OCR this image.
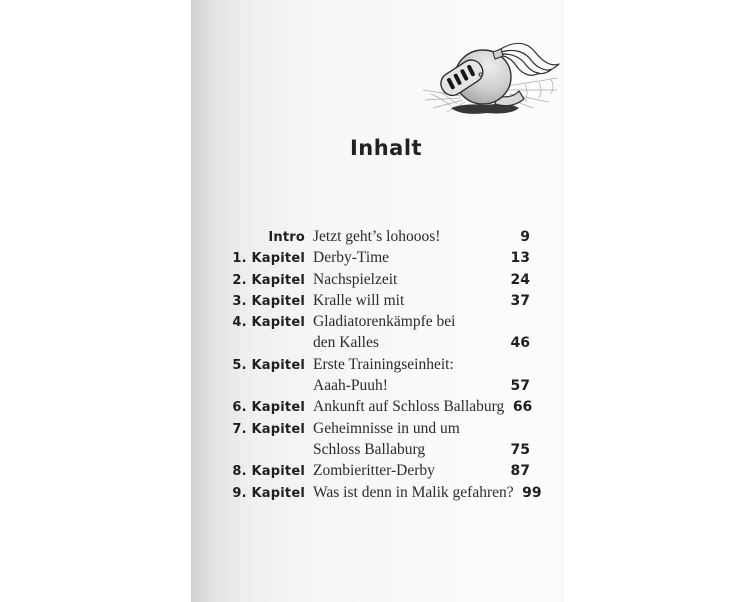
Inhalt
Intro Jetzt geht’s lohooos!	9
1. Kapitel Derby-Time	13
2. Kapitel Nachspielzeit	24
3. Kapitel Kralle will mit	37
4. Kapitel Gladiatorenkämpfe bei
den Kalles	46
5. Kapitel Erste Trainingseinheit:
Aaah-Puuh!	57
6. Kapitel Ankunft auf Schloss Ballaburg 66
7. Kapitel Geheimnisse in und um
Schloss Ballaburg	75
8. Kapitel Zombieritter-Derby	87
9. Kapitel Was ist denn in Malik gefahren? 99
